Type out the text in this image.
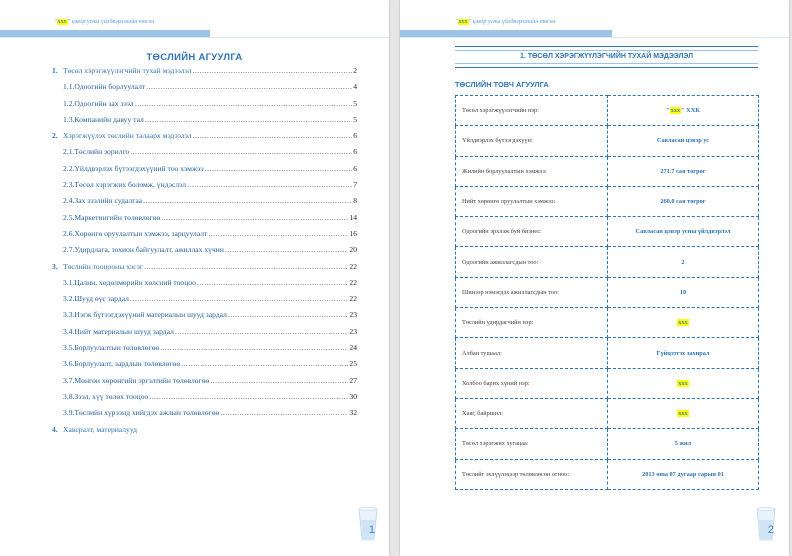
"ххх" цэвэр усны үйлдвэрлэлийн төсөл
ТӨСЛИЙН АГУУЛГА
1. Төсөл хэрэгжүүлэгчийн тухай мэдээлэл .....	2
1.1.Одоогийн борлуулалт .....	4
1.2.Одоогийн зах зээл .....	5
1.3.Компанийн давуу тал .....	5
2. Хэрэгжүүлэх төслийн талаарх мэдээлэл .....	6
2.1.Төслийн зорилго .....	6
2.2.Үйлдвэрлэх бүтээгдэхүүний тоо хэмжээ .....	6
2.3.Төсөл хэрэгжих боломж, үндэслэл .....	7
2.4.Зах зээлийн судалгаа .....	8
2.5.Маркетингийн төлөвлөгөө .....	14
2.6.Хөрөнгө оруулалтын хэмжээ, зарцуулалт .....	16
2.7.Удирдлага, зохион байгуулалт, ажиллах хүчин .....	20
3. Төслийн тооцооны хэсэг .....	22
3.1.Цалин, хөдөлмөрийн хөлсний тооцоо .....	22
3.2.Шууд өүс зардал .....	22
3.3.Нэгж бүтээгдэхүүний материалын шууд зардал .....	23
3.4.Нийт материалын шууд зардал .....	23
3.5.Борлуулалтын төлөвлөгөө .....	24
3.6.Борлуулалт, зардлын төлөвлөгөө .....	25
3.7.Мөнгөн хөрөнгийн эргэлтийн төлөвлөгөө .....	27
3.8.Зээл, хүү төлөх тооцоо .....	30
3.9.Төслийн хүрээнд хийгдэх ажлын төлөвлөгөө .....	32
4. Хавсралт, материалууд
1
"ххх" цэвэр усны үйлдвэрлэлийн төсөл
1. ТӨСӨЛ ХЭРЭГЖҮҮЛЭГЧИЙН ТУХАЙ МЭДЭЭЛЭЛ
ТӨСЛИЙН ТОВЧ АГУУЛГА
Төсөл хэрэгжүүлэгчийн нэр:	"ххх" ХХК
Үйлдвэрлэх бүтээгдэхүүн:	Савласан цэвэр ус
Жилийн борлуулалтын хэмжээ:	271.7 сая төгрөг
Нийт хөрөнгө оруулалтын хэмжээ:	260,0 сая төгрөг
Одоогийн эрхлэж буй бизнес:	Савласан цэвэр усны үйлдвэрлэл
Одоогийн ажиллагсдын тоо:	2
Шинээр нэмэгдэх ажиллагсдын тоо:	10
Төслийн удирдагчийн нэр:	ххх
Албан тушаал:	Гүйцэтгэх захирал
Холбоо барих хүний нэр:	ххх
Хаяг, байршил:	ххх
Төсөл хэрэгжих хугацаа:	5 жил
Төслийг эхлүүлэхээр төлөвлөсөн огноо:	2013 оны 07 дугаар сарын 01
2
